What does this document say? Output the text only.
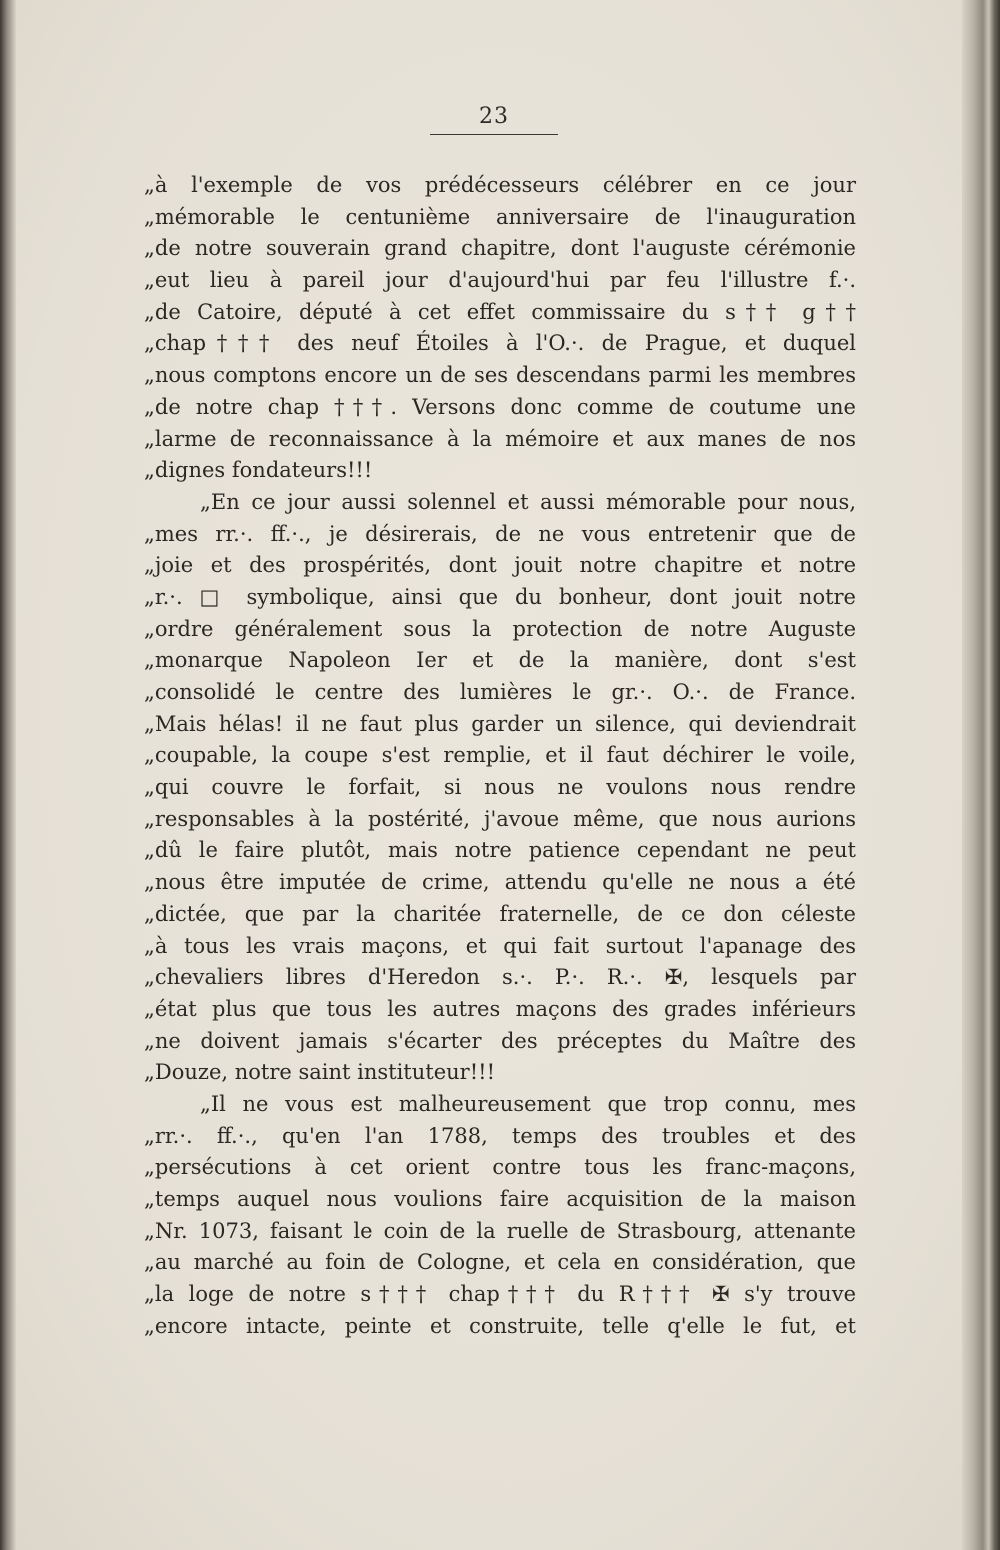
23
„à l'exemple de vos prédécesseurs célébrer en ce jour
„mémorable le centunième anniversaire de l'inauguration
„de notre souverain grand chapitre, dont l'auguste cérémonie
„eut lieu à pareil jour d'aujourd'hui par feu l'illustre f.·.
„de Catoire, député à cet effet commissaire du s†† g††
„chap††† des neuf Étoiles à l'O.·. de Prague, et duquel
„nous comptons encore un de ses descendans parmi les membres
„de notre chap †††. Versons donc comme de coutume une
„larme de reconnaissance à la mémoire et aux manes de nos
„dignes fondateurs!!!
„En ce jour aussi solennel et aussi mémorable pour nous,
„mes rr.·. ff.·., je désirerais, de ne vous entretenir que de
„joie et des prospérités, dont jouit notre chapitre et notre
„r.·. □ symbolique, ainsi que du bonheur, dont jouit notre
„ordre généralement sous la protection de notre Auguste
„monarque Napoleon Ier et de la manière, dont s'est
„consolidé le centre des lumières le gr.·. O.·. de France.
„Mais hélas! il ne faut plus garder un silence, qui deviendrait
„coupable, la coupe s'est remplie, et il faut déchirer le voile,
„qui couvre le forfait, si nous ne voulons nous rendre
„responsables à la postérité, j'avoue même, que nous aurions
„dû le faire plutôt, mais notre patience cependant ne peut
„nous être imputée de crime, attendu qu'elle ne nous a été
„dictée, que par la charitée fraternelle, de ce don céleste
„à tous les vrais maçons, et qui fait surtout l'apanage des
„chevaliers libres d'Heredon s.·. P.·. R.·. ✠, lesquels par
„état plus que tous les autres maçons des grades inférieurs
„ne doivent jamais s'écarter des préceptes du Maître des
„Douze, notre saint instituteur!!!
„Il ne vous est malheureusement que trop connu, mes
„rr.·. ff.·., qu'en l'an 1788, temps des troubles et des
„persécutions à cet orient contre tous les franc-maçons,
„temps auquel nous voulions faire acquisition de la maison
„Nr. 1073, faisant le coin de la ruelle de Strasbourg, attenante
„au marché au foin de Cologne, et cela en considération, que
„la loge de notre s††† chap††† du R††† ✠ s'y trouve
„encore intacte, peinte et construite, telle q'elle le fut, et
